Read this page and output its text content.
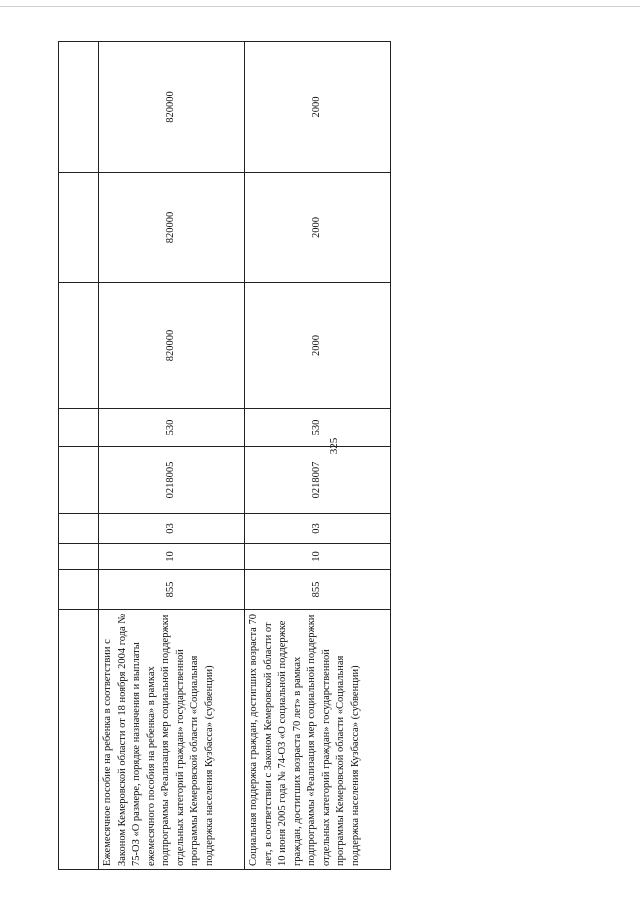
325

Ежемесячное пособие на ребенка в соответствии с Законом Кемеровской области от 18 ноября 2004 года № 75-ОЗ «О размере, порядке назначения и выплаты ежемесячного пособия на ребенка» в рамках подпрограммы «Реализация мер социальной поддержки отдельных категорий граждан» государственной программы Кемеровской области «Социальная поддержка населения Кузбасса» (субвенции)	855	10	03	0218005	530	820000	820000	820000
Социальная поддержка граждан, достигших возраста 70 лет, в соответствии с Законом Кемеровской области от 10 июня 2005 года № 74-ОЗ «О социальной поддержке граждан, достигших возраста 70 лет» в рамках подпрограммы «Реализация мер социальной поддержки отдельных категорий граждан» государственной программы Кемеровской области «Социальная поддержка населения Кузбасса» (субвенции)	855	10	03	0218007	530	2000	2000	2000
